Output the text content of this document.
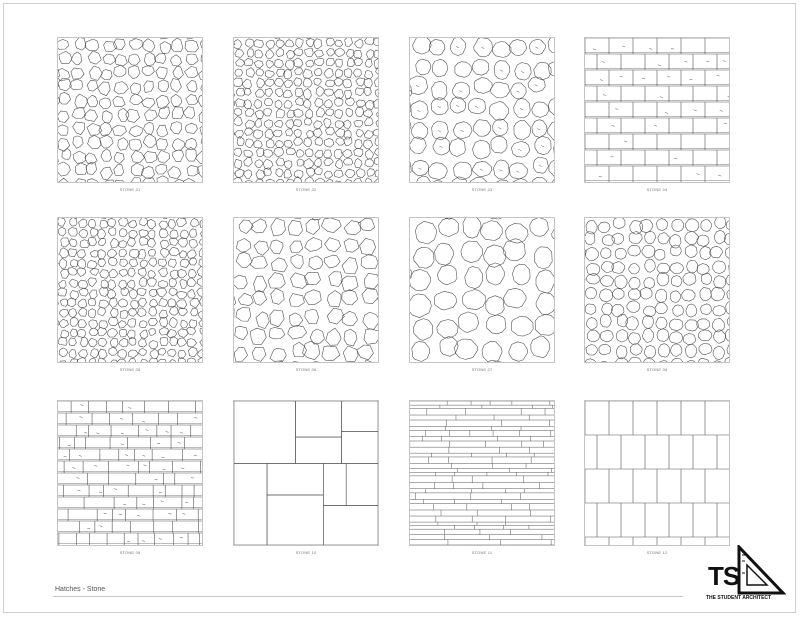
STONE 01	STONE 02	STONE 03	STONE 04
STONE 05	STONE 06	STONE 07	STONE 08
STONE 09	STONE 10	STONE 11	STONE 12
Hatches - Stone	TS
THE STUDENT ARCHITECT
